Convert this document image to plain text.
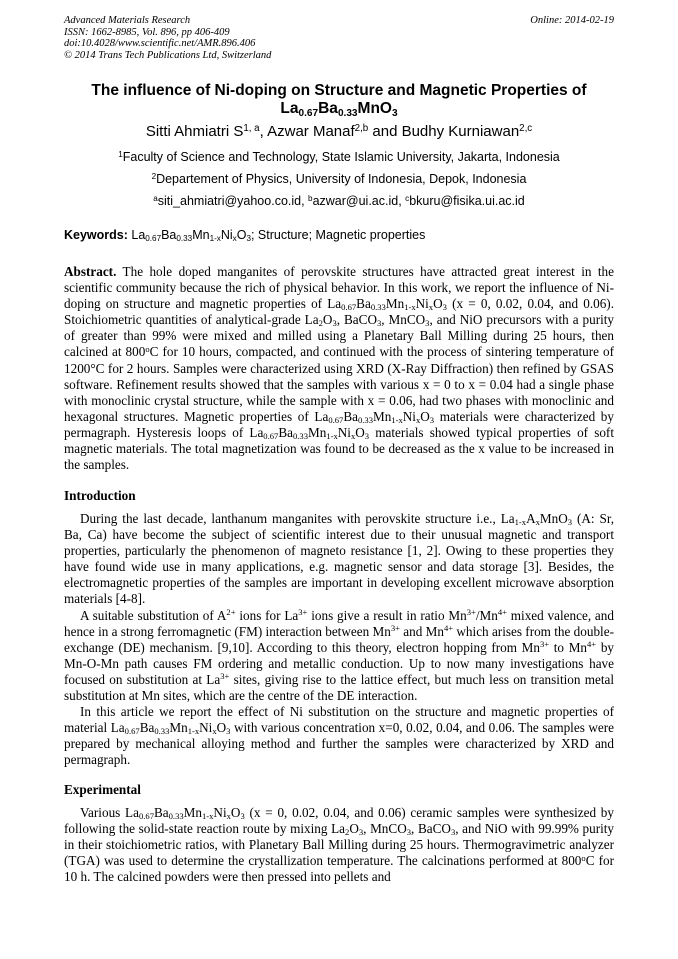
Advanced Materials Research
ISSN: 1662-8985, Vol. 896, pp 406-409
doi:10.4028/www.scientific.net/AMR.896.406
© 2014 Trans Tech Publications Ltd, Switzerland
Online: 2014-02-19
The influence of Ni-doping on Structure and Magnetic Properties of $La_{0.67}Ba_{0.33}MnO_3$
Sitti Ahmiatri S$^{1, a}$, Azwar Manaf$^{2,b}$ and Budhy Kurniawan$^{2,c}$
$^1$Faculty of Science and Technology, State Islamic University, Jakarta, Indonesia
$^2$Departement of Physics, University of Indonesia, Depok, Indonesia
$^a$siti_ahmiatri@yahoo.co.id, $^b$azwar@ui.ac.id, $^c$bkuru@fisika.ui.ac.id
Keywords: $La_{0.67}Ba_{0.33}Mn_{1-x}Ni_xO_3$; Structure; Magnetic properties

Abstract. The hole doped manganites of perovskite structures have attracted great interest in the scientific community because the rich of physical behavior. In this work, we report the influence of Ni-doping on structure and magnetic properties of $La_{0.67}Ba_{0.33}Mn_{1-x}Ni_xO_3$ (x = 0, 0.02, 0.04, and 0.06). Stoichiometric quantities of analytical-grade $La_2O_3$, BaCO$_3$, MnCO$_3$, and NiO precursors with a purity of greater than 99% were mixed and milled using a Planetary Ball Milling during 25 hours, then calcined at 800$^o$C for 10 hours, compacted, and continued with the process of sintering temperature of 1200°C for 2 hours. Samples were characterized using XRD (X-Ray Diffraction) then refined by GSAS software. Refinement results showed that the samples with various x = 0 to x = 0.04 had a single phase with monoclinic crystal structure, while the sample with x = 0.06, had two phases with monoclinic and hexagonal structures. Magnetic properties of $La_{0.67}Ba_{0.33}Mn_{1-x}Ni_xO_3$ materials were characterized by permagraph. Hysteresis loops of $La_{0.67}Ba_{0.33}Mn_{1-x}Ni_xO_3$ materials showed typical properties of soft magnetic materials. The total magnetization was found to be decreased as the x value to be increased in the samples.

Introduction

During the last decade, lanthanum manganites with perovskite structure i.e., $La_{1-x}A_xMnO_3$ (A: Sr, Ba, Ca) have become the subject of scientific interest due to their unusual magnetic and transport properties, particularly the phenomenon of magneto resistance [1, 2]. Owing to these properties they have found wide use in many applications, e.g. magnetic sensor and data storage [3]. Besides, the electromagnetic properties of the samples are important in developing excellent microwave absorption materials [4-8].

A suitable substitution of $A^{2+}$ ions for $La^{3+}$ ions give a result in ratio $Mn^{3+}/Mn^{4+}$ mixed valence, and hence in a strong ferromagnetic (FM) interaction between $Mn^{3+}$ and $Mn^{4+}$ which arises from the double-exchange (DE) mechanism. [9,10]. According to this theory, electron hopping from $Mn^{3+}$ to $Mn^{4+}$ by Mn-O-Mn path causes FM ordering and metallic conduction. Up to now many investigations have focused on substitution at $La^{3+}$ sites, giving rise to the lattice effect, but much less on transition metal substitution at Mn sites, which are the centre of the DE interaction.

In this article we report the effect of Ni substitution on the structure and magnetic properties of material $La_{0.67}Ba_{0.33}Mn_{1-x}Ni_xO_3$ with various concentration x=0, 0.02, 0.04, and 0.06. The samples were prepared by mechanical alloying method and further the samples were characterized by XRD and permagraph.

Experimental

Various $La_{0.67}Ba_{0.33}Mn_{1-x}Ni_xO_3$ (x = 0, 0.02, 0.04, and 0.06) ceramic samples were synthesized by following the solid-state reaction route by mixing $La_2O_3$, MnCO$_3$, BaCO$_3$, and NiO with 99.99% purity in their stoichiometric ratios, with Planetary Ball Milling during 25 hours. Thermogravimetric analyzer (TGA) was used to determine the crystallization temperature. The calcinations performed at 800$^o$C for 10 h. The calcined powders were then pressed into pellets and
